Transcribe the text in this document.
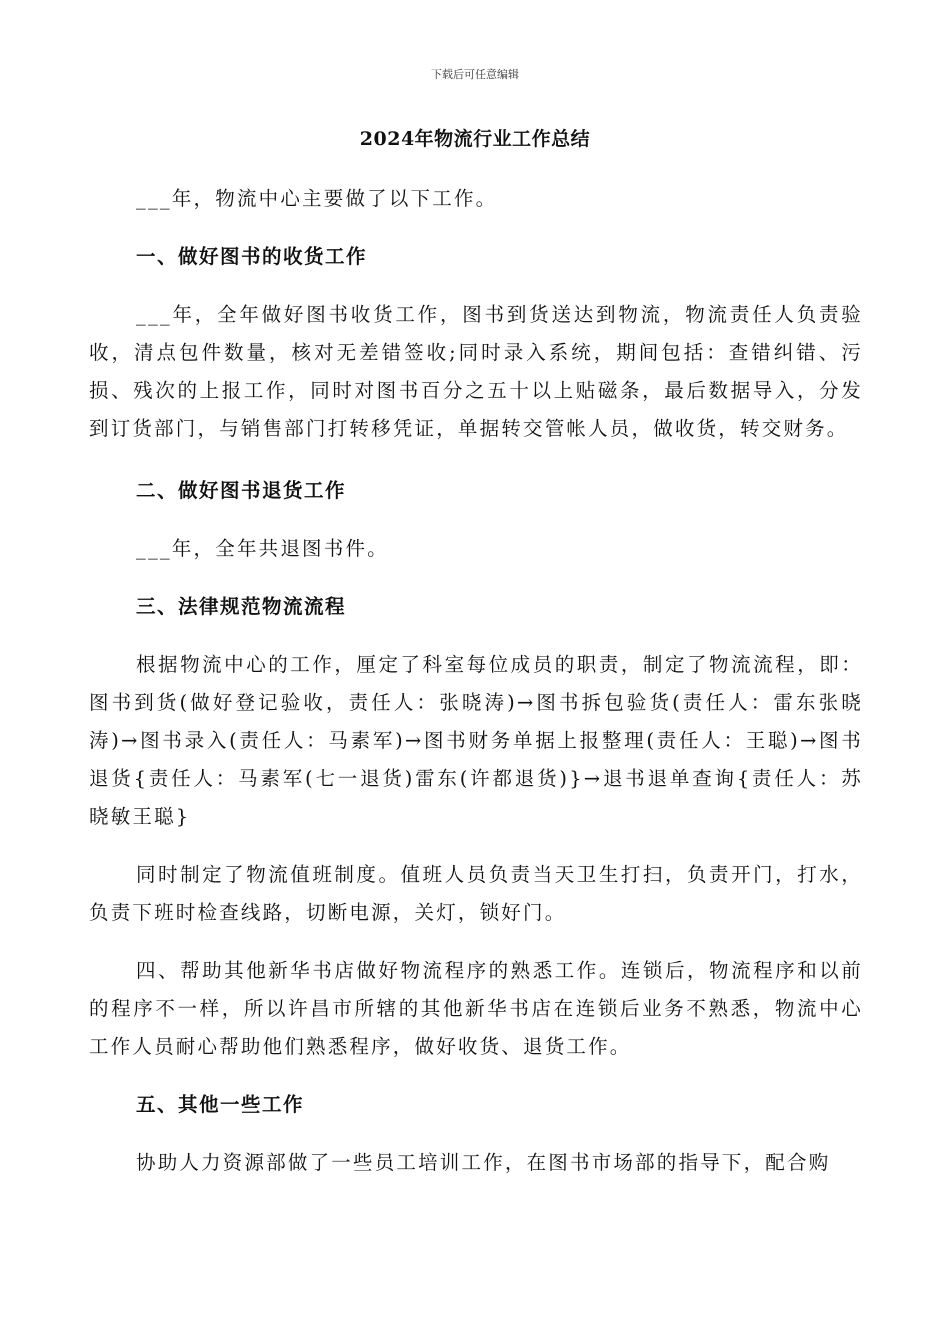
下载后可任意编辑
2024年物流行业工作总结

___年，物流中心主要做了以下工作。

一、做好图书的收货工作

___年，全年做好图书收货工作，图书到货送达到物流，物流责任人负责验收，清点包件数量，核对无差错签收;同时录入系统，期间包括：查错纠错、污损、残次的上报工作，同时对图书百分之五十以上贴磁条，最后数据导入，分发到订货部门，与销售部门打转移凭证，单据转交管帐人员，做收货，转交财务。

二、做好图书退货工作

___年，全年共退图书件。

三、法律规范物流流程

根据物流中心的工作，厘定了科室每位成员的职责，制定了物流流程，即：图书到货(做好登记验收，责任人：张晓涛)→图书拆包验货(责任人：雷东张晓涛)→图书录入(责任人：马素军)→图书财务单据上报整理(责任人：王聪)→图书退货{责任人：马素军(七一退货)雷东(许都退货)}→退书退单查询{责任人：苏晓敏王聪}

同时制定了物流值班制度。值班人员负责当天卫生打扫，负责开门，打水，负责下班时检查线路，切断电源，关灯，锁好门。

四、帮助其他新华书店做好物流程序的熟悉工作。连锁后，物流程序和以前的程序不一样，所以许昌市所辖的其他新华书店在连锁后业务不熟悉，物流中心工作人员耐心帮助他们熟悉程序，做好收货、退货工作。

五、其他一些工作

协助人力资源部做了一些员工培训工作，在图书市场部的指导下，配合购
